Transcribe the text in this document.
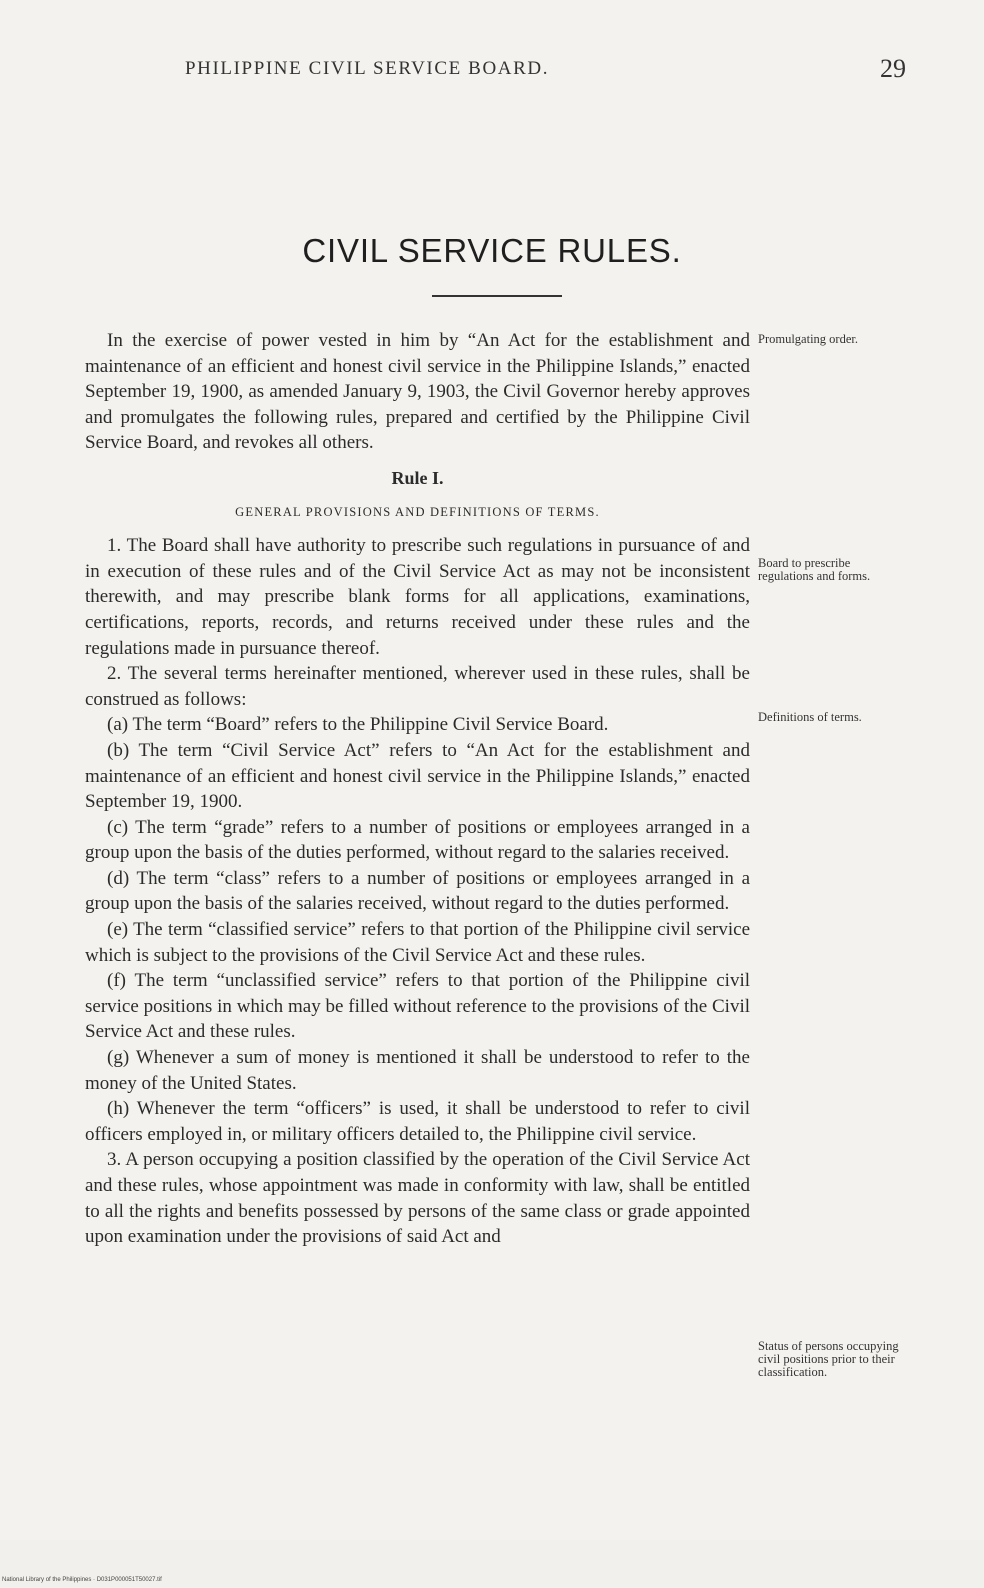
PHILIPPINE CIVIL SERVICE BOARD.	29
CIVIL SERVICE RULES.

In the exercise of power vested in him by “An Act for the establishment and maintenance of an efficient and honest civil service in the Philippine Islands,” enacted September 19, 1900, as amended January 9, 1903, the Civil Governor hereby approves and promulgates the following rules, prepared and certified by the Philippine Civil Service Board, and revokes all others.

Rule I.
GENERAL PROVISIONS AND DEFINITIONS OF TERMS.

1. The Board shall have authority to prescribe such regulations in pursuance of and in execution of these rules and of the Civil Service Act as may not be inconsistent therewith, and may prescribe blank forms for all applications, examinations, certifications, reports, records, and returns received under these rules and the regulations made in pursuance thereof.

2. The several terms hereinafter mentioned, wherever used in these rules, shall be construed as follows:

(a) The term “Board” refers to the Philippine Civil Service Board.

(b) The term “Civil Service Act” refers to “An Act for the establishment and maintenance of an efficient and honest civil service in the Philippine Islands,” enacted September 19, 1900.

(c) The term “grade” refers to a number of positions or employees arranged in a group upon the basis of the duties performed, without regard to the salaries received.

(d) The term “class” refers to a number of positions or employees arranged in a group upon the basis of the salaries received, without regard to the duties performed.

(e) The term “classified service” refers to that portion of the Philippine civil service which is subject to the provisions of the Civil Service Act and these rules.

(f) The term “unclassified service” refers to that portion of the Philippine civil service positions in which may be filled without reference to the provisions of the Civil Service Act and these rules.

(g) Whenever a sum of money is mentioned it shall be understood to refer to the money of the United States.

(h) Whenever the term “officers” is used, it shall be understood to refer to civil officers employed in, or military officers detailed to, the Philippine civil service.

3. A person occupying a position classified by the operation of the Civil Service Act and these rules, whose appointment was made in conformity with law, shall be entitled to all the rights and benefits possessed by persons of the same class or grade appointed upon examination under the provisions of said Act and

Promulgating order.
Board to prescribe regulations and forms.
Definitions of terms.
Status of persons occupying civil positions prior to their classification.
National Library of the Philippines · D031P000051T50027.tif
